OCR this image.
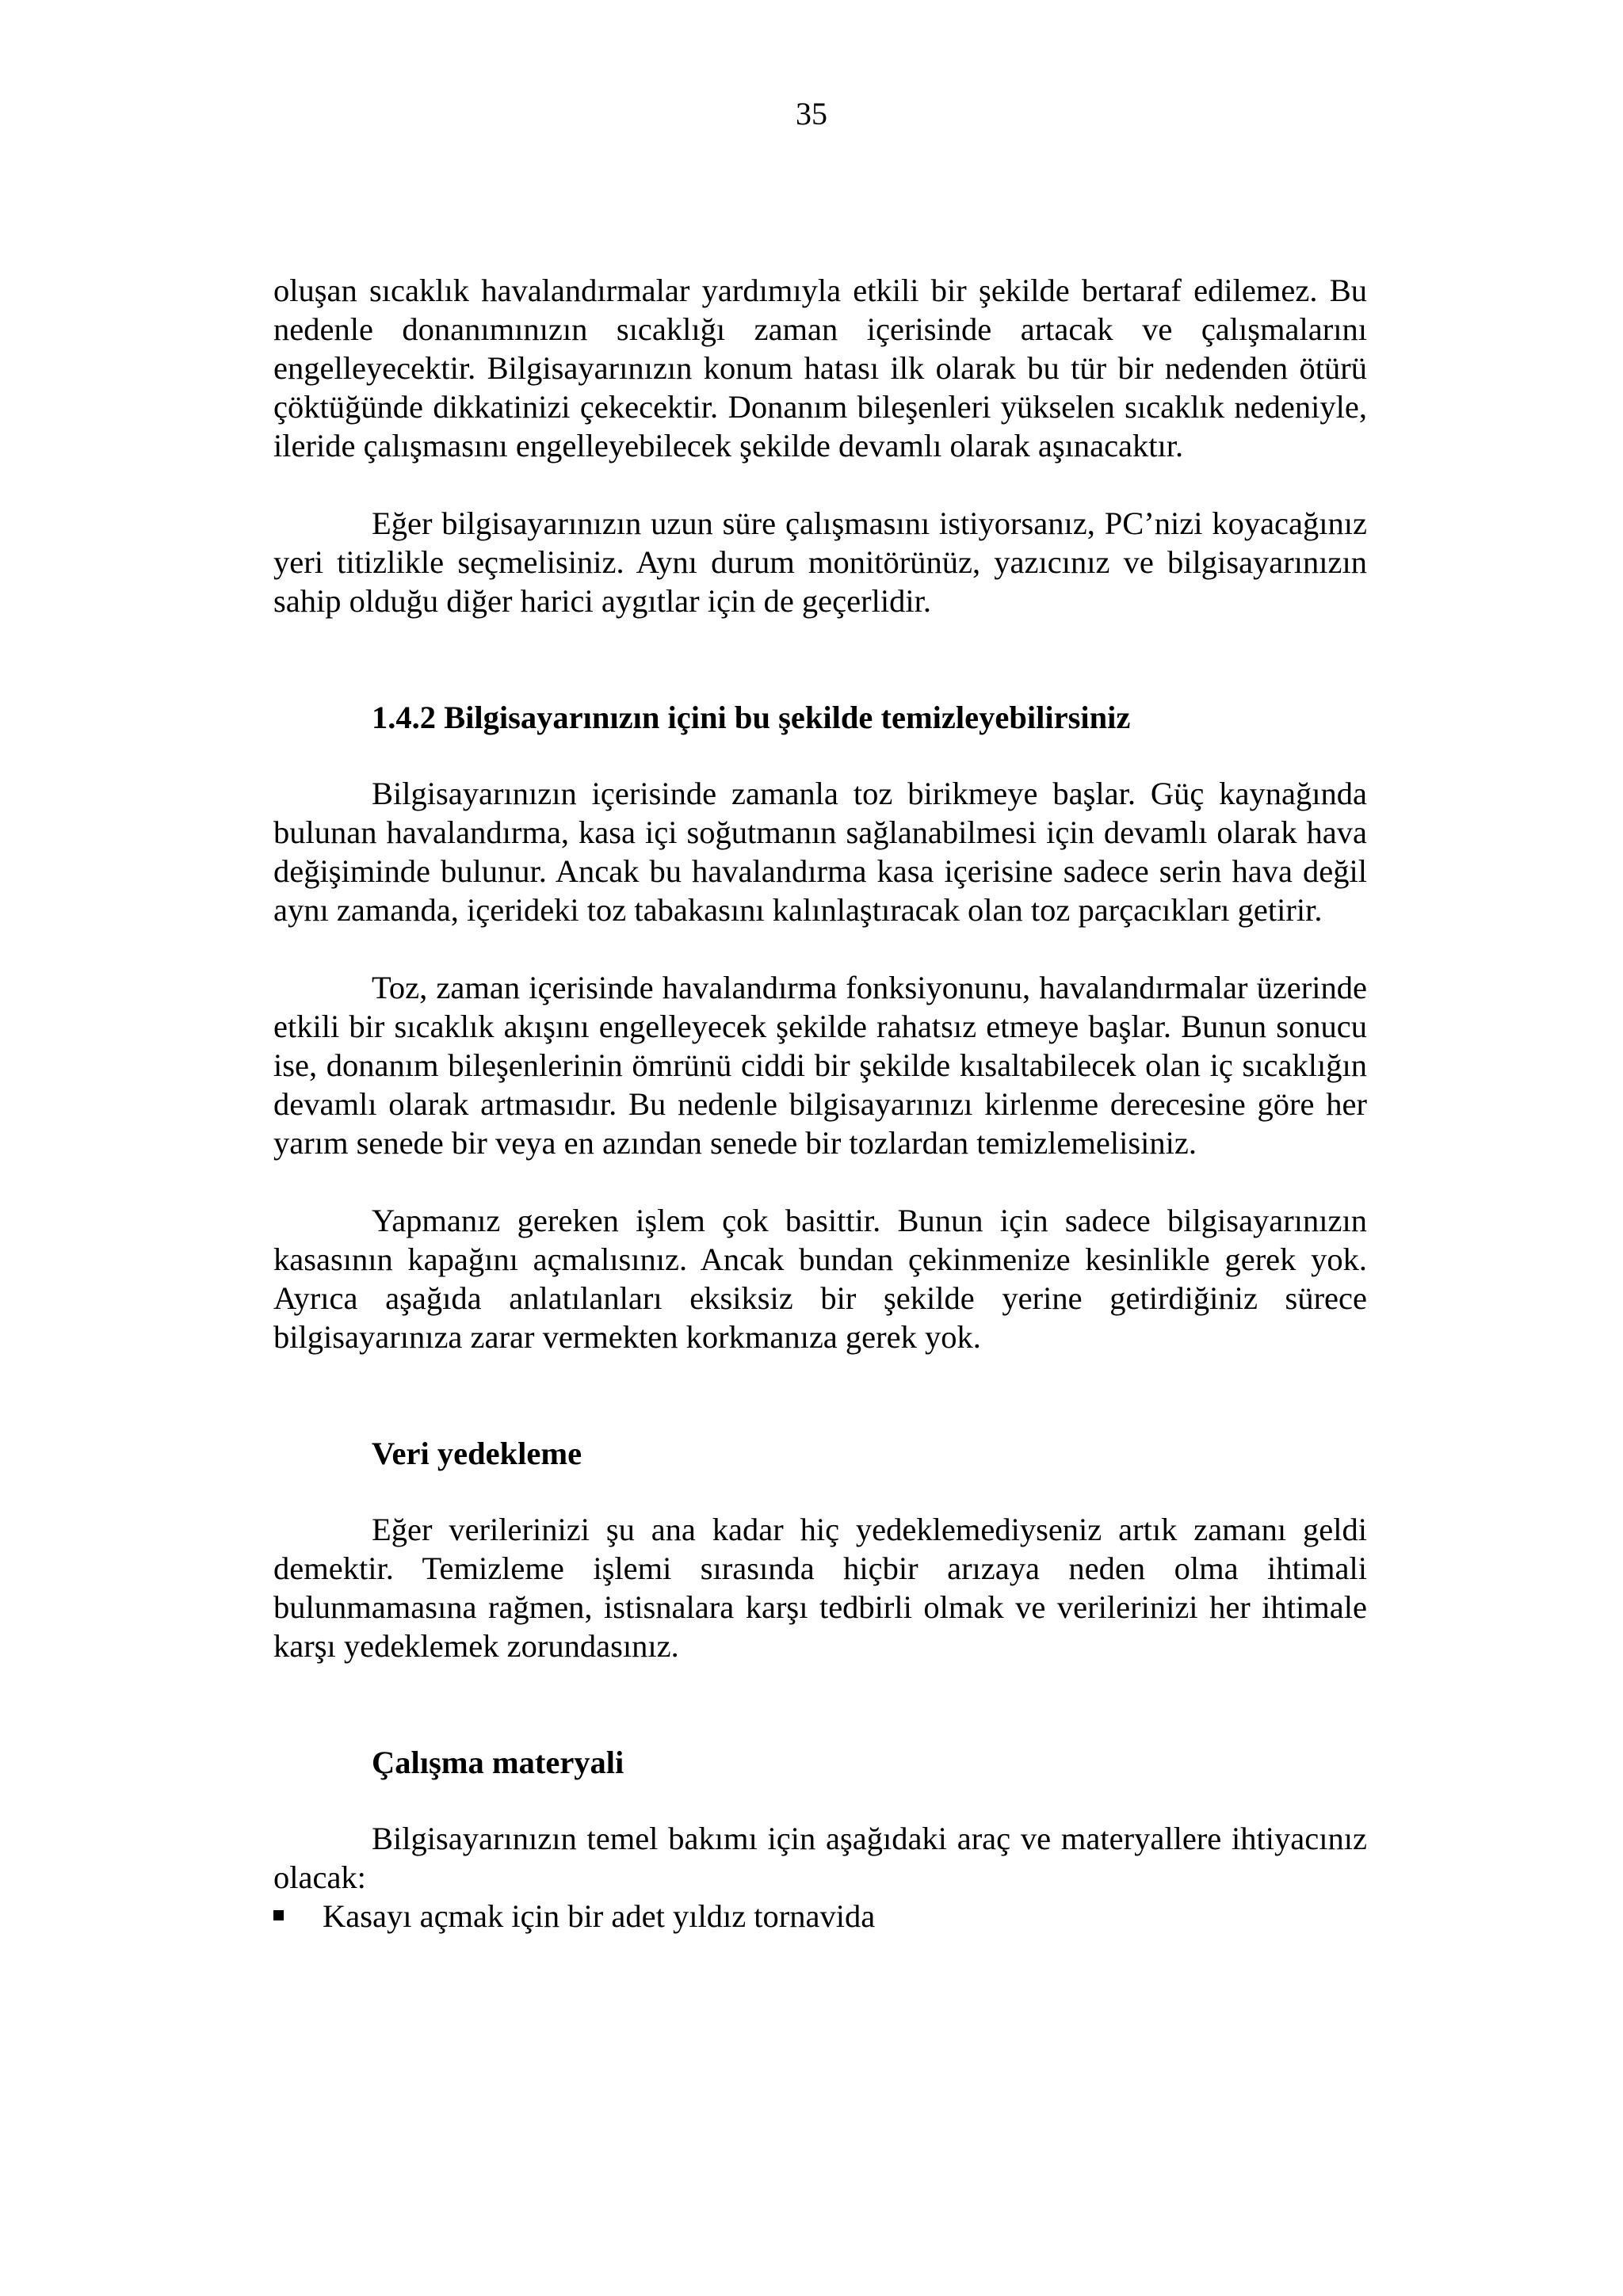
35

oluşan sıcaklık havalandırmalar yardımıyla etkili bir şekilde bertaraf edilemez. Bu nedenle donanımınızın sıcaklığı zaman içerisinde artacak ve çalışmalarını engelleyecektir. Bilgisayarınızın konum hatası ilk olarak bu tür bir nedenden ötürü çöktüğünde dikkatinizi çekecektir. Donanım bileşenleri yükselen sıcaklık nedeniyle, ileride çalışmasını engelleyebilecek şekilde devamlı olarak aşınacaktır.

Eğer bilgisayarınızın uzun süre çalışmasını istiyorsanız, PC’nizi koyacağınız yeri titizlikle seçmelisiniz. Aynı durum monitörünüz, yazıcınız ve bilgisayarınızın sahip olduğu diğer harici aygıtlar için de geçerlidir.

1.4.2 Bilgisayarınızın içini bu şekilde temizleyebilirsiniz

Bilgisayarınızın içerisinde zamanla toz birikmeye başlar. Güç kaynağında bulunan havalandırma, kasa içi soğutmanın sağlanabilmesi için devamlı olarak hava değişiminde bulunur. Ancak bu havalandırma kasa içerisine sadece serin hava değil aynı zamanda, içerideki toz tabakasını kalınlaştıracak olan toz parçacıkları getirir.

Toz, zaman içerisinde havalandırma fonksiyonunu, havalandırmalar üzerinde etkili bir sıcaklık akışını engelleyecek şekilde rahatsız etmeye başlar. Bunun sonucu ise, donanım bileşenlerinin ömrünü ciddi bir şekilde kısaltabilecek olan iç sıcaklığın devamlı olarak artmasıdır. Bu nedenle bilgisayarınızı kirlenme derecesine göre her yarım senede bir veya en azından senede bir tozlardan temizlemelisiniz.

Yapmanız gereken işlem çok basittir. Bunun için sadece bilgisayarınızın kasasının kapağını açmalısınız. Ancak bundan çekinmenize kesinlikle gerek yok. Ayrıca aşağıda anlatılanları eksiksiz bir şekilde yerine getirdiğiniz sürece bilgisayarınıza zarar vermekten korkmanıza gerek yok.

Veri yedekleme

Eğer verilerinizi şu ana kadar hiç yedeklemediyseniz artık zamanı geldi demektir. Temizleme işlemi sırasında hiçbir arızaya neden olma ihtimali bulunmamasına rağmen, istisnalara karşı tedbirli olmak ve verilerinizi her ihtimale karşı yedeklemek zorundasınız.

Çalışma materyali

Bilgisayarınızın temel bakımı için aşağıdaki araç ve materyallere ihtiyacınız olacak:

Kasayı açmak için bir adet yıldız tornavida
